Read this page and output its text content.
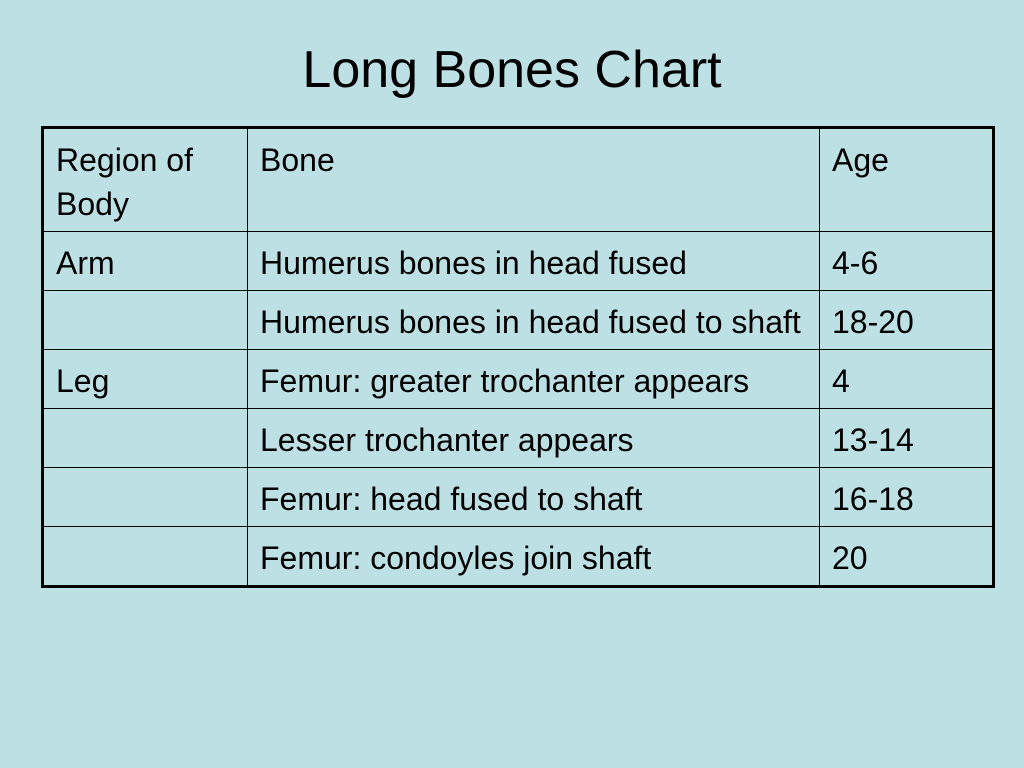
Long Bones Chart
Region of Body	Bone	Age
Arm	Humerus bones in head fused	4-6
	Humerus bones in head fused to shaft	18-20
Leg	Femur: greater trochanter appears	4
	Lesser trochanter appears	13-14
	Femur: head fused to shaft	16-18
	Femur: condoyles join shaft	20
